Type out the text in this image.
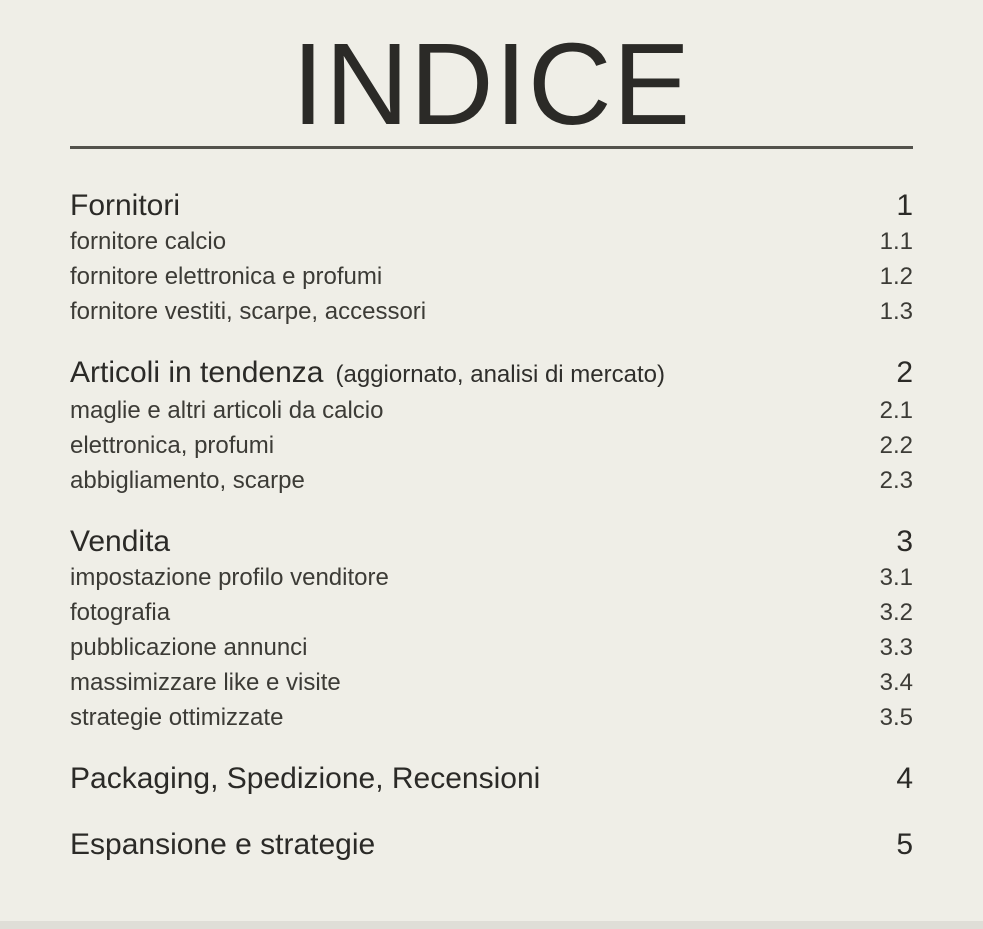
INDICE
Fornitori	1
fornitore calcio	1.1
fornitore elettronica e profumi	1.2
fornitore vestiti, scarpe, accessori	1.3
Articoli in tendenza (aggiornato, analisi di mercato)	2
maglie e altri articoli da calcio	2.1
elettronica, profumi	2.2
abbigliamento, scarpe	2.3
Vendita	3
impostazione profilo venditore	3.1
fotografia	3.2
pubblicazione annunci	3.3
massimizzare like e visite	3.4
strategie ottimizzate	3.5
Packaging, Spedizione, Recensioni	4
Espansione e strategie	5
